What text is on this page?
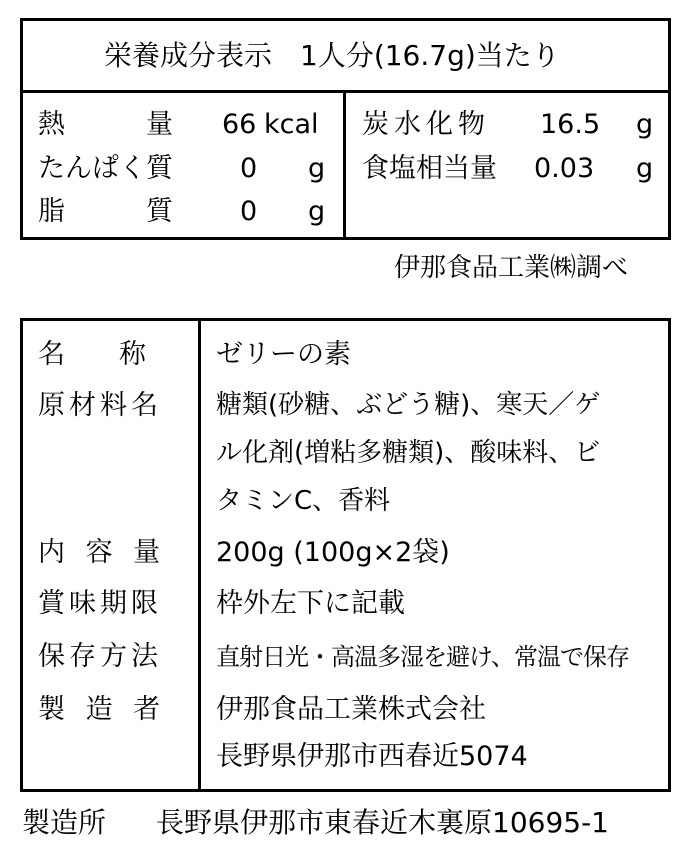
栄養成分表示　1人分(16.7g)当たり
熱　　　量 66 kcal
たんぱく質 0 g
脂　　　質 0 g
炭水化物 16.5 g
食塩相当量 0.03 g
伊那食品工業㈱調べ
名　　称	ゼリーの素
原材料名 糖類(砂糖、ぶどう糖)、寒天／ゲ
ル化剤(増粘多糖類)、酸味料、ビ
タミンC、香料
内 容 量 200g (100g×2袋)
賞味期限 枠外左下に記載
保存方法 直射日光・高温多湿を避け、常温で保存
製 造 者 伊那食品工業株式会社
長野県伊那市西春近5074
製造所 長野県伊那市東春近木裏原10695-1
